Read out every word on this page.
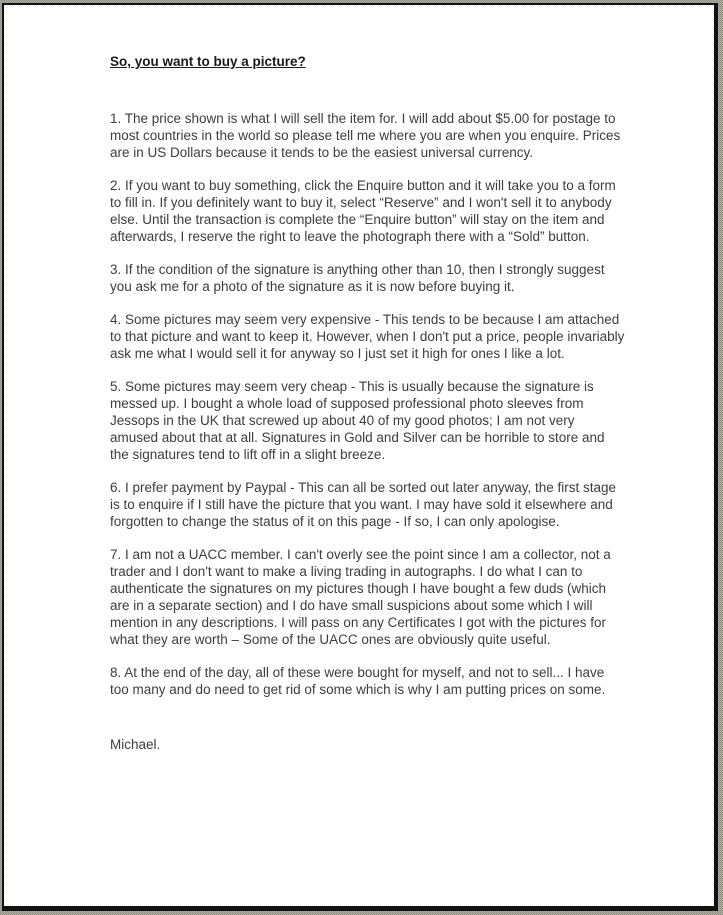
So, you want to buy a picture?

1. The price shown is what I will sell the item for. I will add about $5.00 for postage to most countries in the world so please tell me where you are when you enquire. Prices are in US Dollars because it tends to be the easiest universal currency.

2. If you want to buy something, click the Enquire button and it will take you to a form to fill in. If you definitely want to buy it, select “Reserve” and I won't sell it to anybody else. Until the transaction is complete the “Enquire button” will stay on the item and afterwards, I reserve the right to leave the photograph there with a “Sold” button.

3. If the condition of the signature is anything other than 10, then I strongly suggest you ask me for a photo of the signature as it is now before buying it.

4. Some pictures may seem very expensive - This tends to be because I am attached to that picture and want to keep it. However, when I don't put a price, people invariably ask me what I would sell it for anyway so I just set it high for ones I like a lot.

5. Some pictures may seem very cheap - This is usually because the signature is messed up. I bought a whole load of supposed professional photo sleeves from Jessops in the UK that screwed up about 40 of my good photos; I am not very amused about that at all. Signatures in Gold and Silver can be horrible to store and the signatures tend to lift off in a slight breeze.

6. I prefer payment by Paypal - This can all be sorted out later anyway, the first stage is to enquire if I still have the picture that you want. I may have sold it elsewhere and forgotten to change the status of it on this page - If so, I can only apologise.

7. I am not a UACC member. I can't overly see the point since I am a collector, not a trader and I don't want to make a living trading in autographs. I do what I can to authenticate the signatures on my pictures though I have bought a few duds (which are in a separate section) and I do have small suspicions about some which I will mention in any descriptions. I will pass on any Certificates I got with the pictures for what they are worth – Some of the UACC ones are obviously quite useful.

8. At the end of the day, all of these were bought for myself, and not to sell... I have too many and do need to get rid of some which is why I am putting prices on some.

Michael.
